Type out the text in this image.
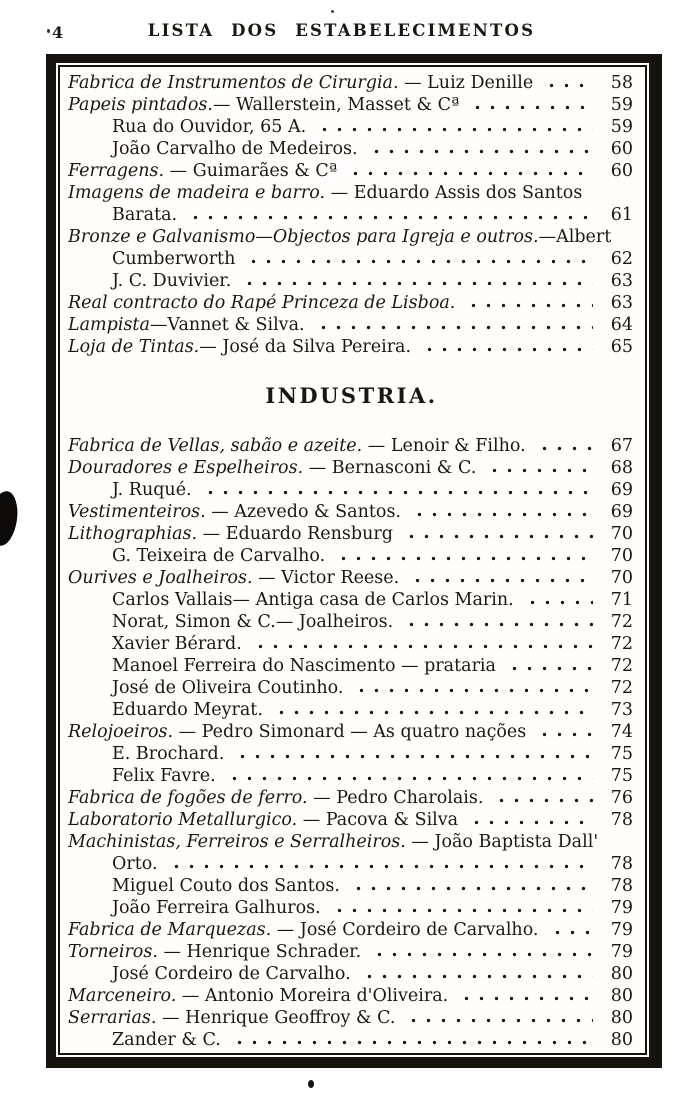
4	LISTA DOS ESTABELECIMENTOS
Fabrica de Instrumentos de Cirurgia. — Luiz Denille	58
Papeis pintados.— Wallerstein, Masset & Cª	59
Rua do Ouvidor, 65 A.	59
João Carvalho de Medeiros.	60
Ferragens. — Guimarães & Cª	60
Imagens de madeira e barro. — Eduardo Assis dos Santos
Barata.	61
Bronze e Galvanismo—Objectos para Igreja e outros.—Albert
Cumberworth	62
J. C. Duvivier.	63
Real contracto do Rapé Princeza de Lisboa.	63
Lampista—Vannet & Silva.	64
Loja de Tintas.— José da Silva Pereira.	65
INDUSTRIA.
Fabrica de Vellas, sabão e azeite. — Lenoir & Filho.	67
Douradores e Espelheiros. — Bernasconi & C.	68
J. Ruqué.	69
Vestimenteiros. — Azevedo & Santos.	69
Lithographias. — Eduardo Rensburg	70
G. Teixeira de Carvalho.	70
Ourives e Joalheiros. — Victor Reese.	70
Carlos Vallais— Antiga casa de Carlos Marin.	71
Norat, Simon & C.— Joalheiros.	72
Xavier Bérard.	72
Manoel Ferreira do Nascimento — prataria	72
José de Oliveira Coutinho.	72
Eduardo Meyrat.	73
Relojoeiros. — Pedro Simonard — As quatro nações	74
E. Brochard.	75
Felix Favre.	75
Fabrica de fogões de ferro. — Pedro Charolais.	76
Laboratorio Metallurgico. — Pacova & Silva	78
Machinistas, Ferreiros e Serralheiros. — João Baptista Dall'
Orto.	78
Miguel Couto dos Santos.	78
João Ferreira Galhuros.	79
Fabrica de Marquezas. — José Cordeiro de Carvalho.	79
Torneiros. — Henrique Schrader.	79
José Cordeiro de Carvalho.	80
Marceneiro. — Antonio Moreira d'Oliveira.	80
Serrarias. — Henrique Geoffroy & C.	80
Zander & C.	80
